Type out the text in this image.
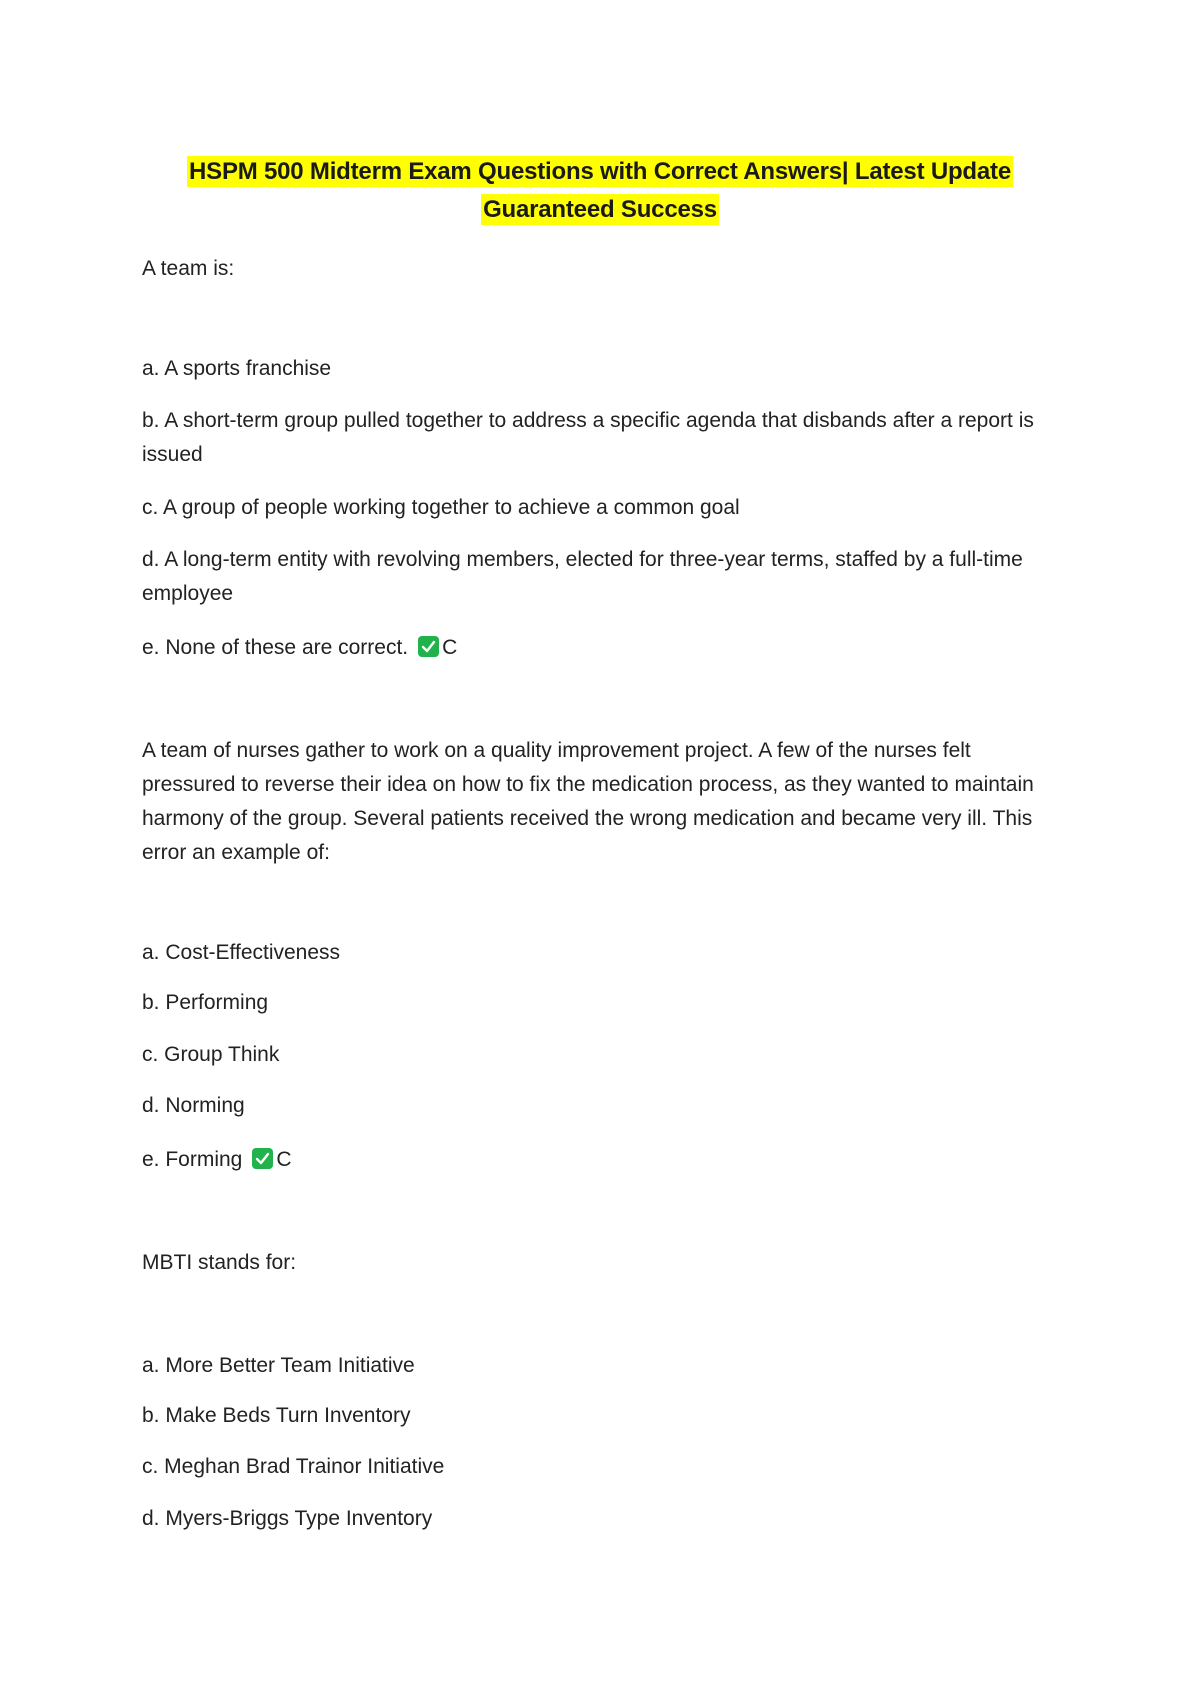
HSPM 500 Midterm Exam Questions with Correct Answers| Latest Update
Guaranteed Success
A team is:
a. A sports franchise
b. A short-term group pulled together to address a specific agenda that disbands after a report is issued
c. A group of people working together to achieve a common goal
d. A long-term entity with revolving members, elected for three-year terms, staffed by a full-time employee
e. None of these are correct. C
A team of nurses gather to work on a quality improvement project. A few of the nurses felt pressured to reverse their idea on how to fix the medication process, as they wanted to maintain harmony of the group. Several patients received the wrong medication and became very ill. This error an example of:
a. Cost-Effectiveness
b. Performing
c. Group Think
d. Norming
e. Forming C
MBTI stands for:
a. More Better Team Initiative
b. Make Beds Turn Inventory
c. Meghan Brad Trainor Initiative
d. Myers-Briggs Type Inventory
